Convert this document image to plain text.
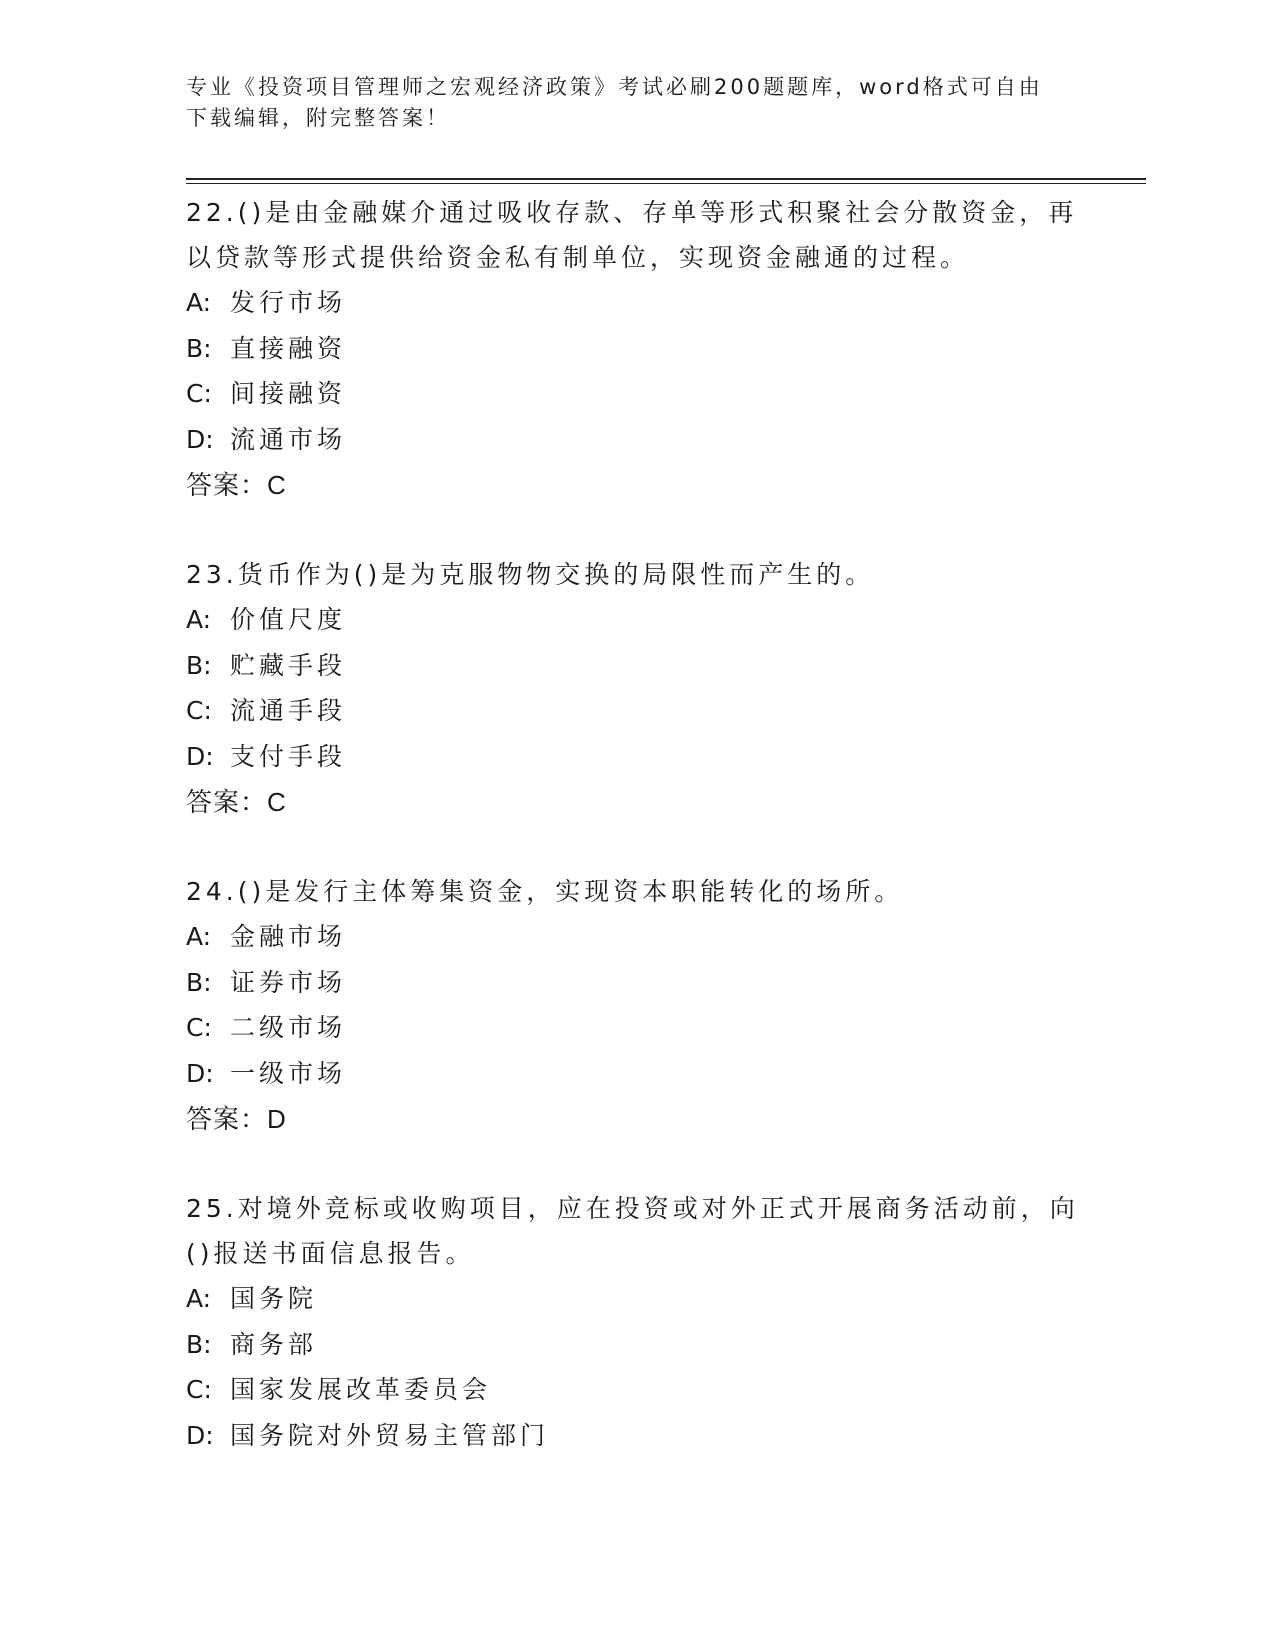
专业《投资项目管理师之宏观经济政策》考试必刷200题题库，word格式可自由下载编辑，附完整答案！

22.()是由金融媒介通过吸收存款、存单等形式积聚社会分散资金，再以贷款等形式提供给资金私有制单位，实现资金融通的过程。

A: 发行市场
B: 直接融资
C: 间接融资
D: 流通市场
答案：C

23.货币作为()是为克服物物交换的局限性而产生的。

A: 价值尺度
B: 贮藏手段
C: 流通手段
D: 支付手段
答案：C

24.()是发行主体筹集资金，实现资本职能转化的场所。

A: 金融市场
B: 证券市场
C: 二级市场
D: 一级市场
答案：D

25.对境外竞标或收购项目，应在投资或对外正式开展商务活动前，向()报送书面信息报告。

A: 国务院
B: 商务部
C: 国家发展改革委员会
D: 国务院对外贸易主管部门
